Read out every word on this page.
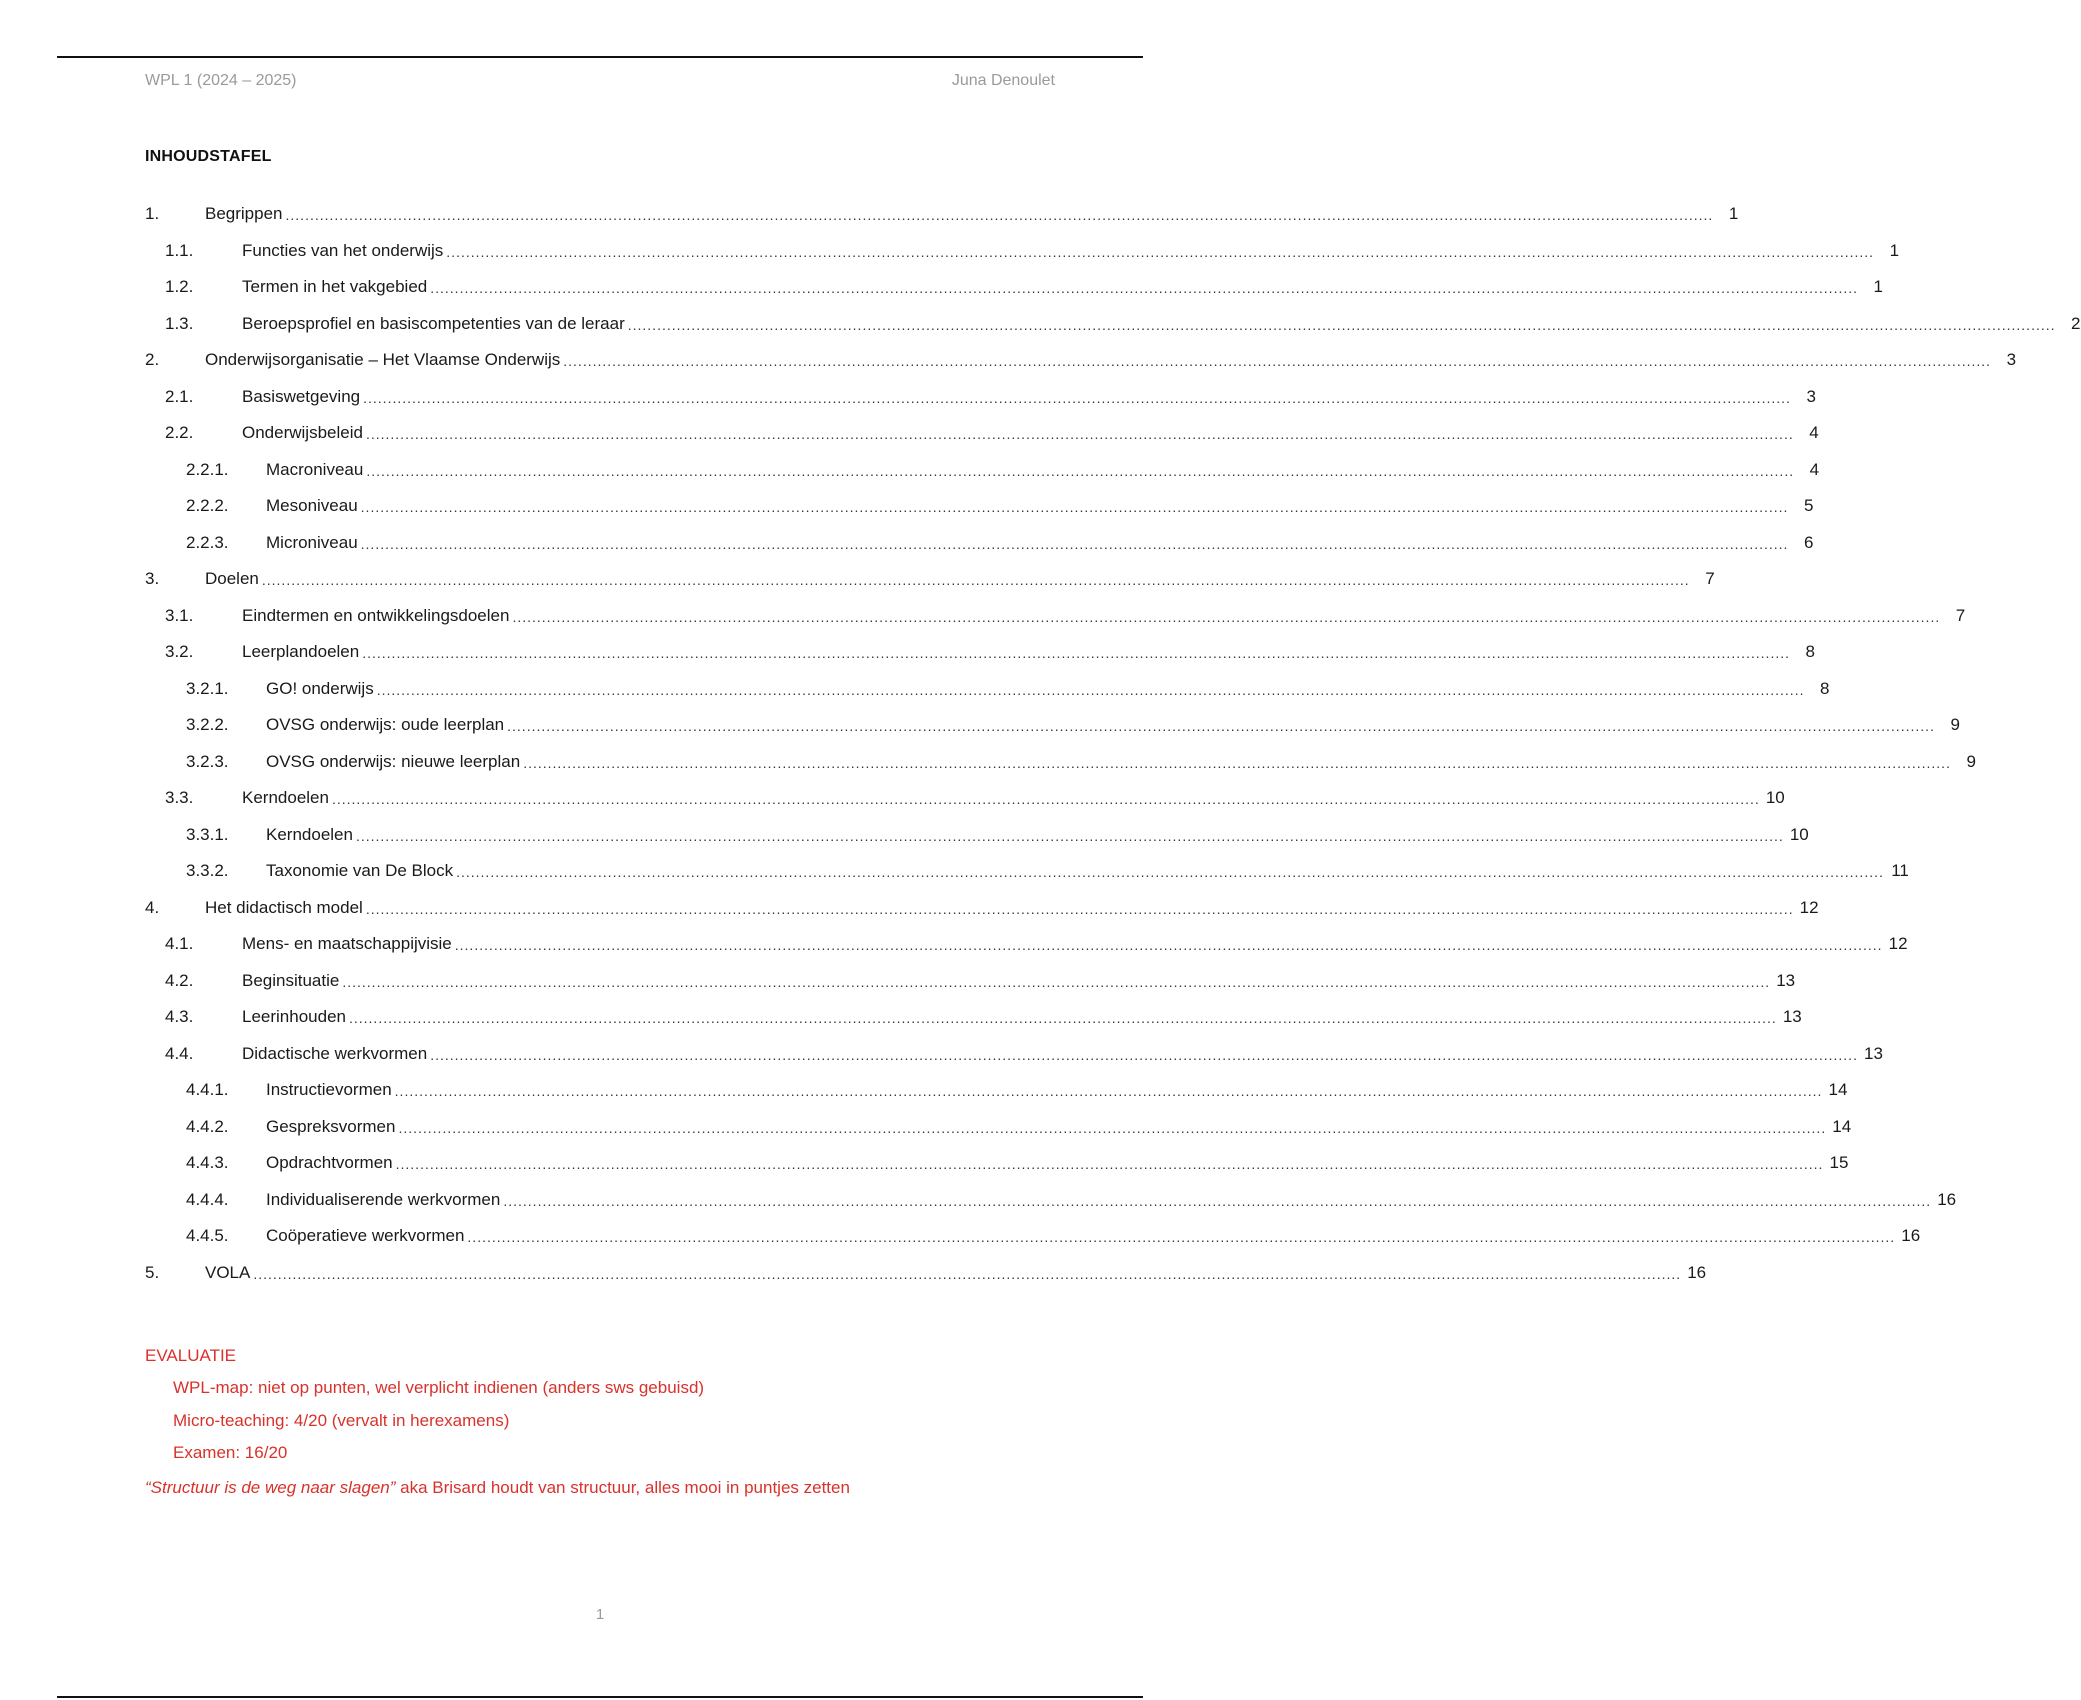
WPL 1 (2024 – 2025)	Juna Denoulet
INHOUDSTAFEL
1.	Begrippen .................................................................................................................................................................................................................................................................................................... 1
1.1.	Functies van het onderwijs .................................................................................................................................................................................................................................................................................................... 1
1.2.	Termen in het vakgebied .................................................................................................................................................................................................................................................................................................... 1
1.3.	Beroepsprofiel en basiscompetenties van de leraar .................................................................................................................................................................................................................................................................................................... 2
2.	Onderwijsorganisatie – Het Vlaamse Onderwijs .................................................................................................................................................................................................................................................................................................... 3
2.1.	Basiswetgeving .................................................................................................................................................................................................................................................................................................... 3
2.2.	Onderwijsbeleid .................................................................................................................................................................................................................................................................................................... 4
2.2.1. Macroniveau .................................................................................................................................................................................................................................................................................................... 4
2.2.2. Mesoniveau .................................................................................................................................................................................................................................................................................................... 5
2.2.3. Microniveau .................................................................................................................................................................................................................................................................................................... 6
3.	Doelen .................................................................................................................................................................................................................................................................................................... 7
3.1.	Eindtermen en ontwikkelingsdoelen .................................................................................................................................................................................................................................................................................................... 7
3.2.	Leerplandoelen .................................................................................................................................................................................................................................................................................................... 8
3.2.1. GO! onderwijs .................................................................................................................................................................................................................................................................................................... 8
3.2.2. OVSG onderwijs: oude leerplan .................................................................................................................................................................................................................................................................................................... 9
3.2.3. OVSG onderwijs: nieuwe leerplan .................................................................................................................................................................................................................................................................................................... 9
3.3.	Kerndoelen .................................................................................................................................................................................................................................................................................................... 10
3.3.1. Kerndoelen .................................................................................................................................................................................................................................................................................................... 10
3.3.2. Taxonomie van De Block .................................................................................................................................................................................................................................................................................................... 11
4.	Het didactisch model .................................................................................................................................................................................................................................................................................................... 12
4.1.	Mens- en maatschappijvisie .................................................................................................................................................................................................................................................................................................... 12
4.2.	Beginsituatie .................................................................................................................................................................................................................................................................................................... 13
4.3.	Leerinhouden .................................................................................................................................................................................................................................................................................................... 13
4.4.	Didactische werkvormen .................................................................................................................................................................................................................................................................................................... 13
4.4.1. Instructievormen .................................................................................................................................................................................................................................................................................................... 14
4.4.2. Gespreksvormen .................................................................................................................................................................................................................................................................................................... 14
4.4.3. Opdrachtvormen .................................................................................................................................................................................................................................................................................................... 15
4.4.4. Individualiserende werkvormen .................................................................................................................................................................................................................................................................................................... 16
4.4.5. Coöperatieve werkvormen .................................................................................................................................................................................................................................................................................................... 16
5.	VOLA .................................................................................................................................................................................................................................................................................................... 16
EVALUATIE
WPL-map: niet op punten, wel verplicht indienen (anders sws gebuisd)
Micro-teaching: 4/20 (vervalt in herexamens)
Examen: 16/20
“Structuur is de weg naar slagen” aka Brisard houdt van structuur, alles mooi in puntjes zetten
1
